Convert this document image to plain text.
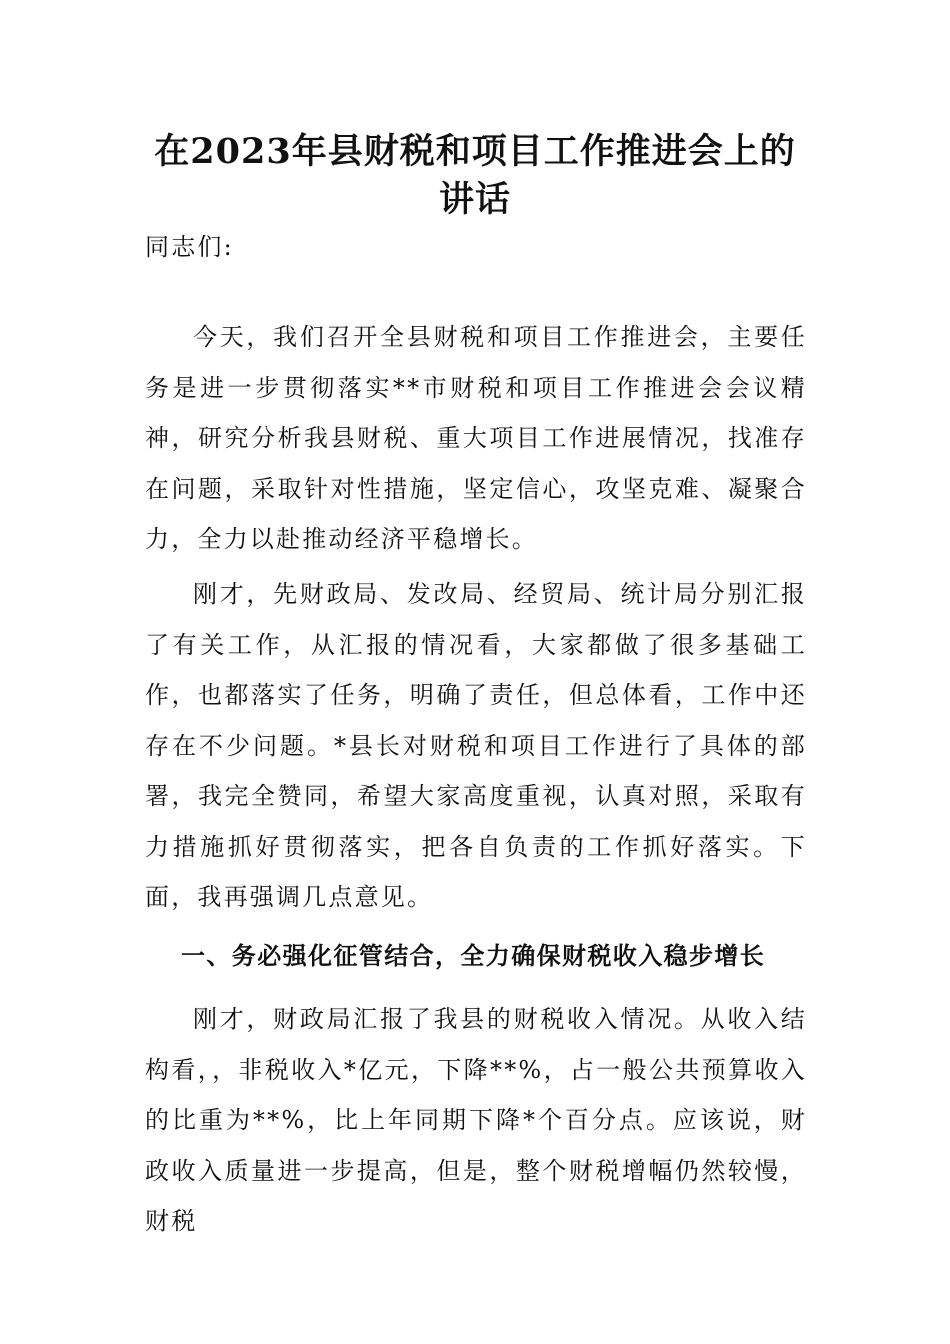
在2023年县财税和项目工作推进会上的
讲话
同志们:
今天，我们召开全县财税和项目工作推进会，主要任务是进一步贯彻落实**市财税和项目工作推进会会议精神，研究分析我县财税、重大项目工作进展情况，找准存在问题，采取针对性措施，坚定信心，攻坚克难、凝聚合力，全力以赴推动经济平稳增长。
刚才，先财政局、发改局、经贸局、统计局分别汇报了有关工作，从汇报的情况看，大家都做了很多基础工作，也都落实了任务，明确了责任，但总体看，工作中还存在不少问题。*县长对财税和项目工作进行了具体的部署，我完全赞同，希望大家高度重视，认真对照，采取有力措施抓好贯彻落实，把各自负责的工作抓好落实。下面，我再强调几点意见。
一、务必强化征管结合，全力确保财税收入稳步增长
刚才，财政局汇报了我县的财税收入情况。从收入结构看，，非税收入*亿元，下降**%，占一般公共预算收入的比重为**%，比上年同期下降*个百分点。应该说，财政收入质量进一步提高，但是，整个财税增幅仍然较慢，财税
